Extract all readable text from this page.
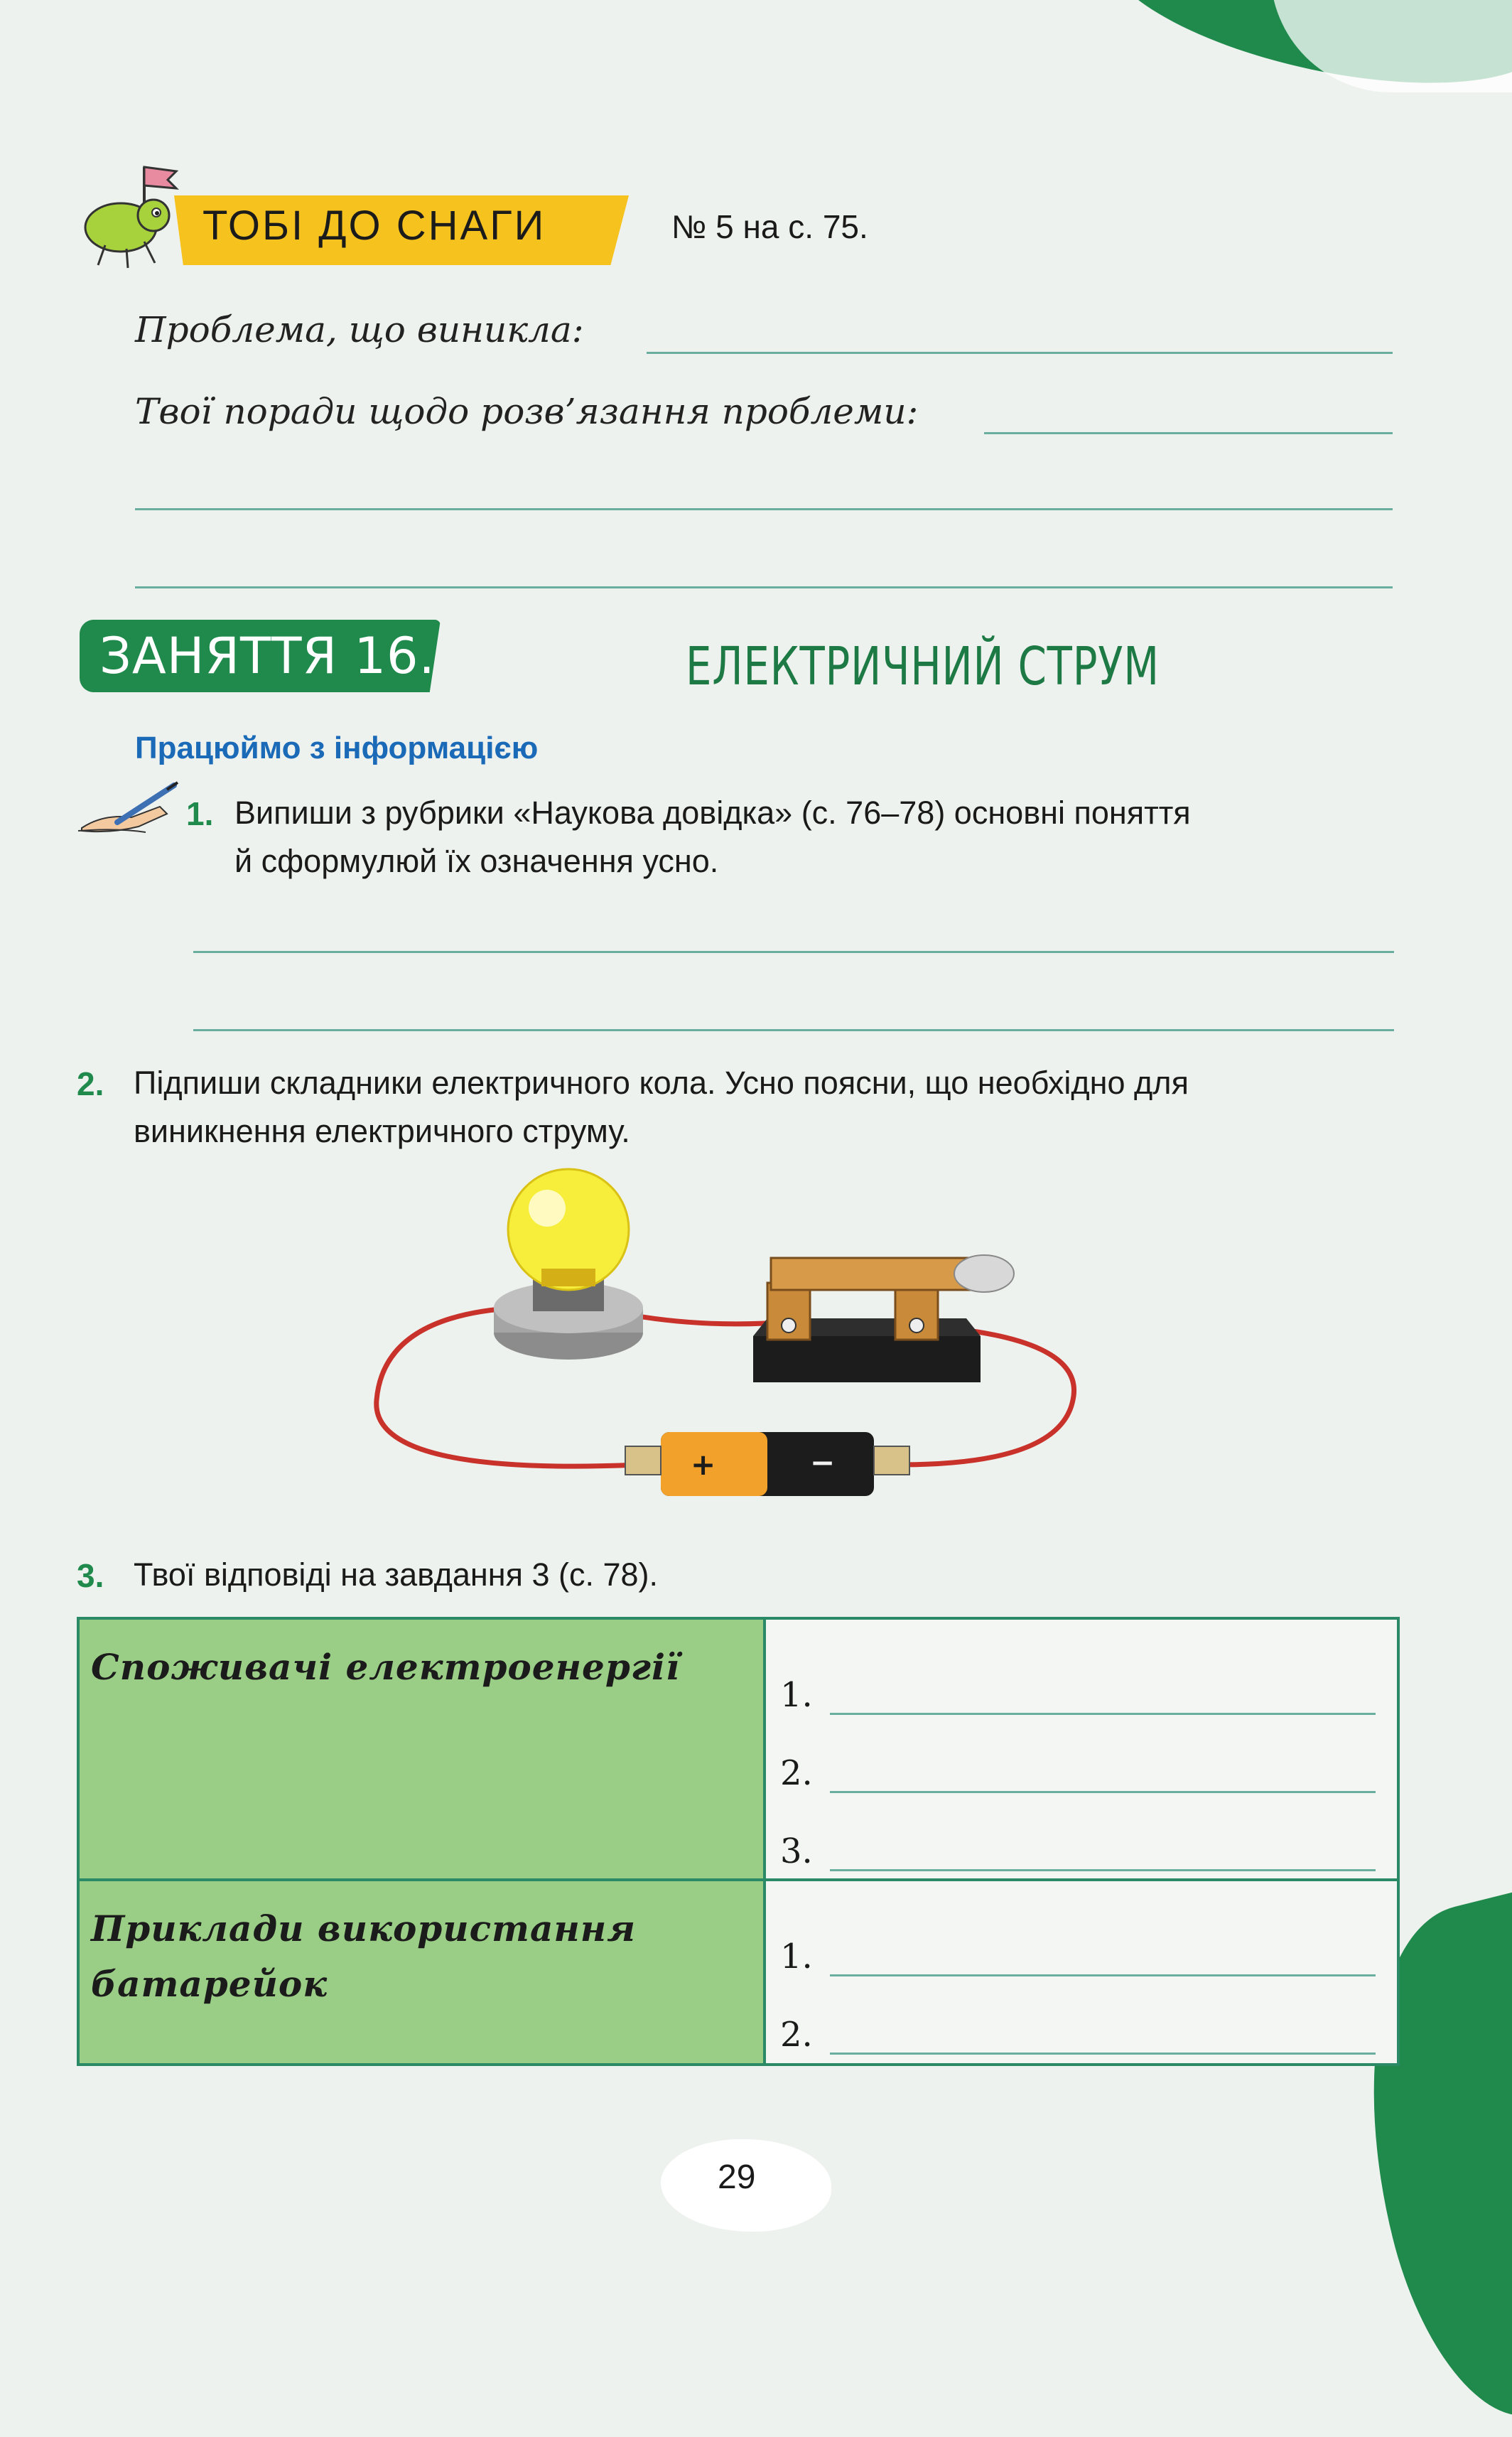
ТОБІ ДО СНАГИ	№ 5 на с. 75.
Проблема, що виникла:
Твої поради щодо розв’язання проблеми:
ЗАНЯТТЯ 16.	ЕЛЕКТРИЧНИЙ СТРУМ
Працюймо з інформацією
1. Випиши з рубрики «Наукова довідка» (с. 76–78) основні поняття
й сформулюй їх означення усно.
2. Підпиши складники електричного кола. Усно поясни, що необхідно для
виникнення електричного струму.
+	−
3. Твої відповіді на завдання 3 (с. 78).
Споживачі електроенергії	1.
2.
3.

Приклади використання батарейок	1.
2.
29
